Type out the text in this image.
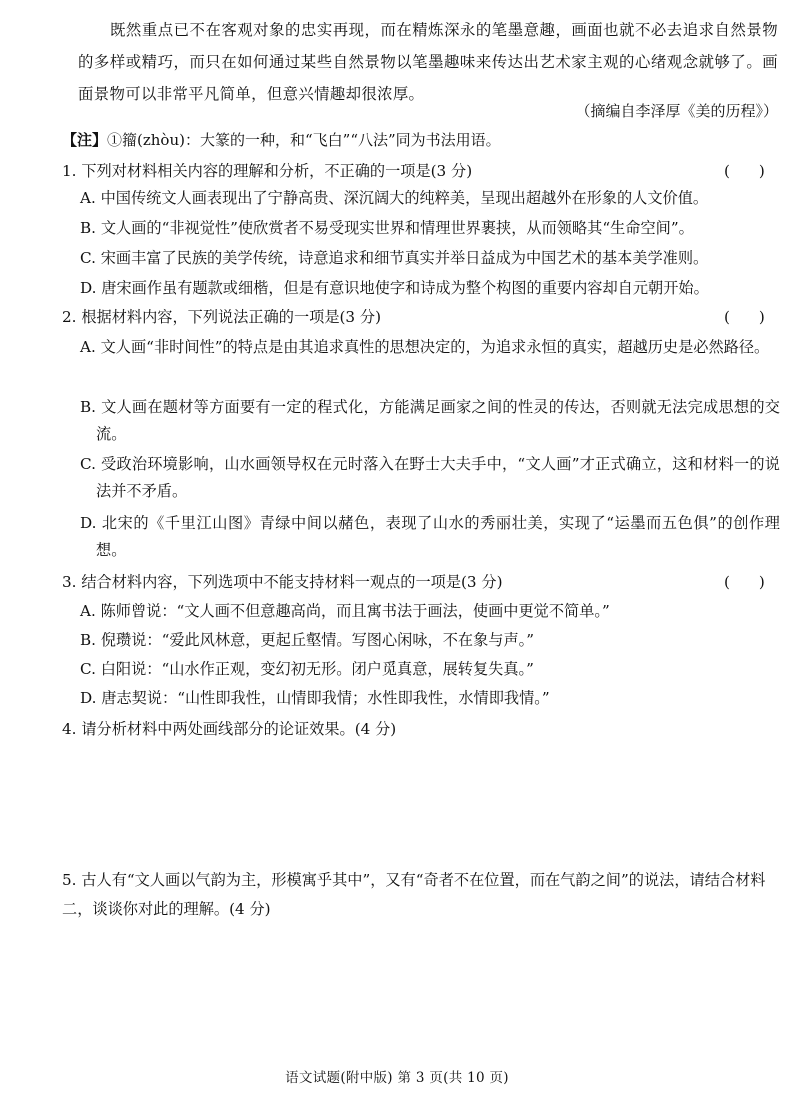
既然重点已不在客观对象的忠实再现，而在精炼深永的笔墨意趣，画面也就不必去追求自然景物的多样或精巧，而只在如何通过某些自然景物以笔墨趣味来传达出艺术家主观的心绪观念就够了。画面景物可以非常平凡简单，但意兴情趣却很浓厚。

（摘编自李泽厚《美的历程》）

【注】①籀(zhòu)：大篆的一种，和“飞白”“八法”同为书法用语。

1. 下列对材料相关内容的理解和分析，不正确的一项是(3 分)	(      )

A. 中国传统文人画表现出了宁静高贵、深沉阔大的纯粹美，呈现出超越外在形象的人文价值。

B. 文人画的“非视觉性”使欣赏者不易受现实世界和情理世界裹挟，从而领略其“生命空间”。

C. 宋画丰富了民族的美学传统，诗意追求和细节真实并举日益成为中国艺术的基本美学准则。

D. 唐宋画作虽有题款或细楷，但是有意识地使字和诗成为整个构图的重要内容却自元朝开始。

2. 根据材料内容，下列说法正确的一项是(3 分)	(      )

A. 文人画“非时间性”的特点是由其追求真性的思想决定的，为追求永恒的真实，超越历史是必然路径。

B. 文人画在题材等方面要有一定的程式化，方能满足画家之间的性灵的传达，否则就无法完成思想的交流。

C. 受政治环境影响，山水画领导权在元时落入在野士大夫手中，“文人画”才正式确立，这和材料一的说法并不矛盾。

D. 北宋的《千里江山图》青绿中间以赭色，表现了山水的秀丽壮美，实现了“运墨而五色俱”的创作理想。

3. 结合材料内容，下列选项中不能支持材料一观点的一项是(3 分)	(      )

A. 陈师曾说：“文人画不但意趣高尚，而且寓书法于画法，使画中更觉不简单。”

B. 倪瓒说：“爱此风林意，更起丘壑情。写图心闲咏，不在象与声。”

C. 白阳说：“山水作正观，变幻初无形。闭户觅真意，展转复失真。”

D. 唐志契说：“山性即我性，山情即我情；水性即我性，水情即我情。”

4. 请分析材料中两处画线部分的论证效果。(4 分)

5. 古人有“文人画以气韵为主，形模寓乎其中”，又有“奇者不在位置，而在气韵之间”的说法，请结合材料二，谈谈你对此的理解。(4 分)

语文试题(附中版) 第 3 页(共 10 页)
